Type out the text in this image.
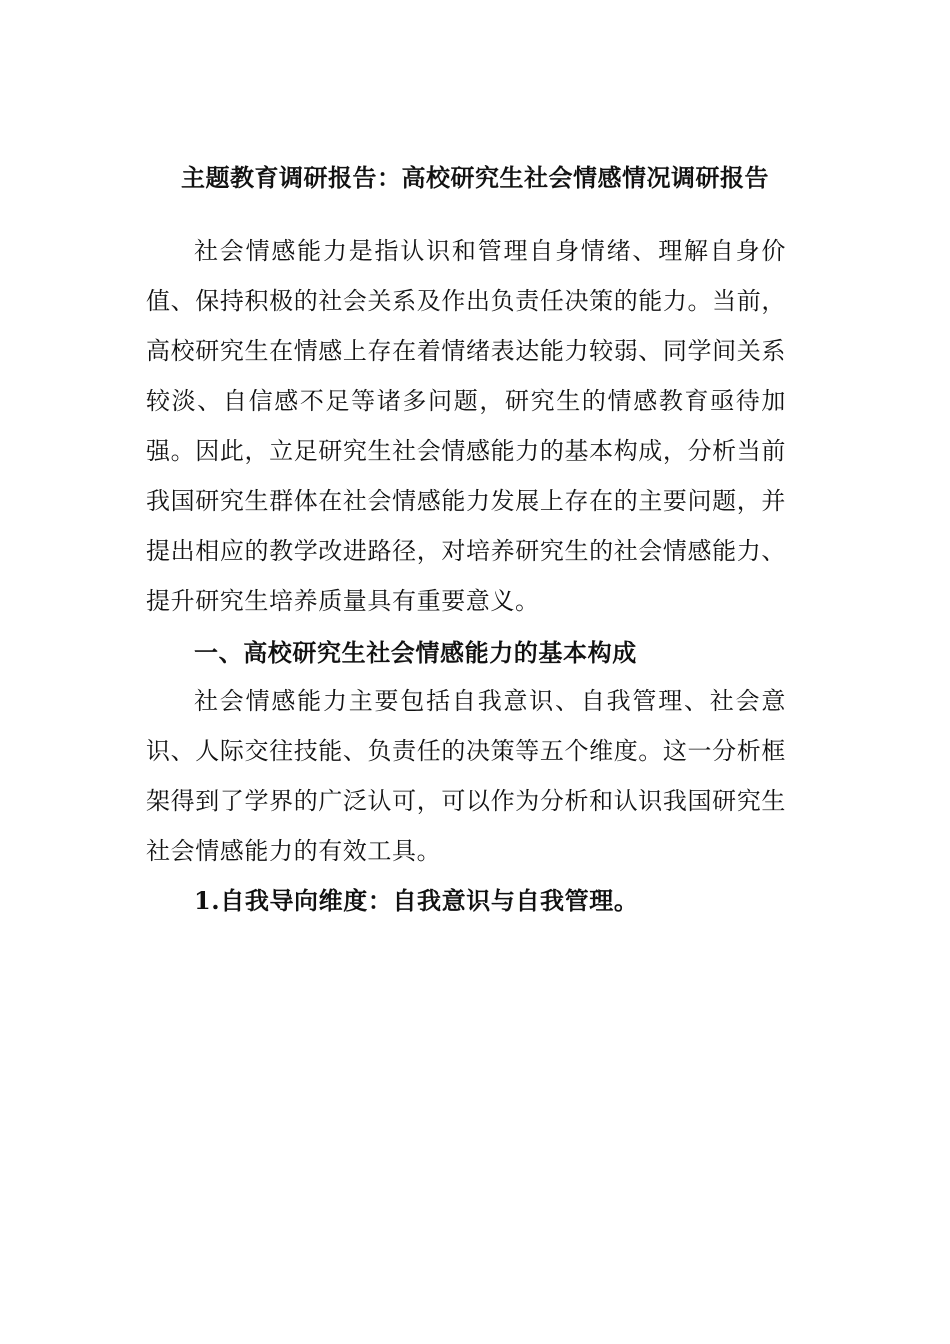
主题教育调研报告：高校研究生社会情感情况调研报告

社会情感能力是指认识和管理自身情绪、理解自身价值、保持积极的社会关系及作出负责任决策的能力。当前，高校研究生在情感上存在着情绪表达能力较弱、同学间关系较淡、自信感不足等诸多问题，研究生的情感教育亟待加强。因此，立足研究生社会情感能力的基本构成，分析当前我国研究生群体在社会情感能力发展上存在的主要问题，并提出相应的教学改进路径，对培养研究生的社会情感能力、提升研究生培养质量具有重要意义。

一、高校研究生社会情感能力的基本构成

社会情感能力主要包括自我意识、自我管理、社会意识、人际交往技能、负责任的决策等五个维度。这一分析框架得到了学界的广泛认可，可以作为分析和认识我国研究生社会情感能力的有效工具。

1.自我导向维度：自我意识与自我管理。
